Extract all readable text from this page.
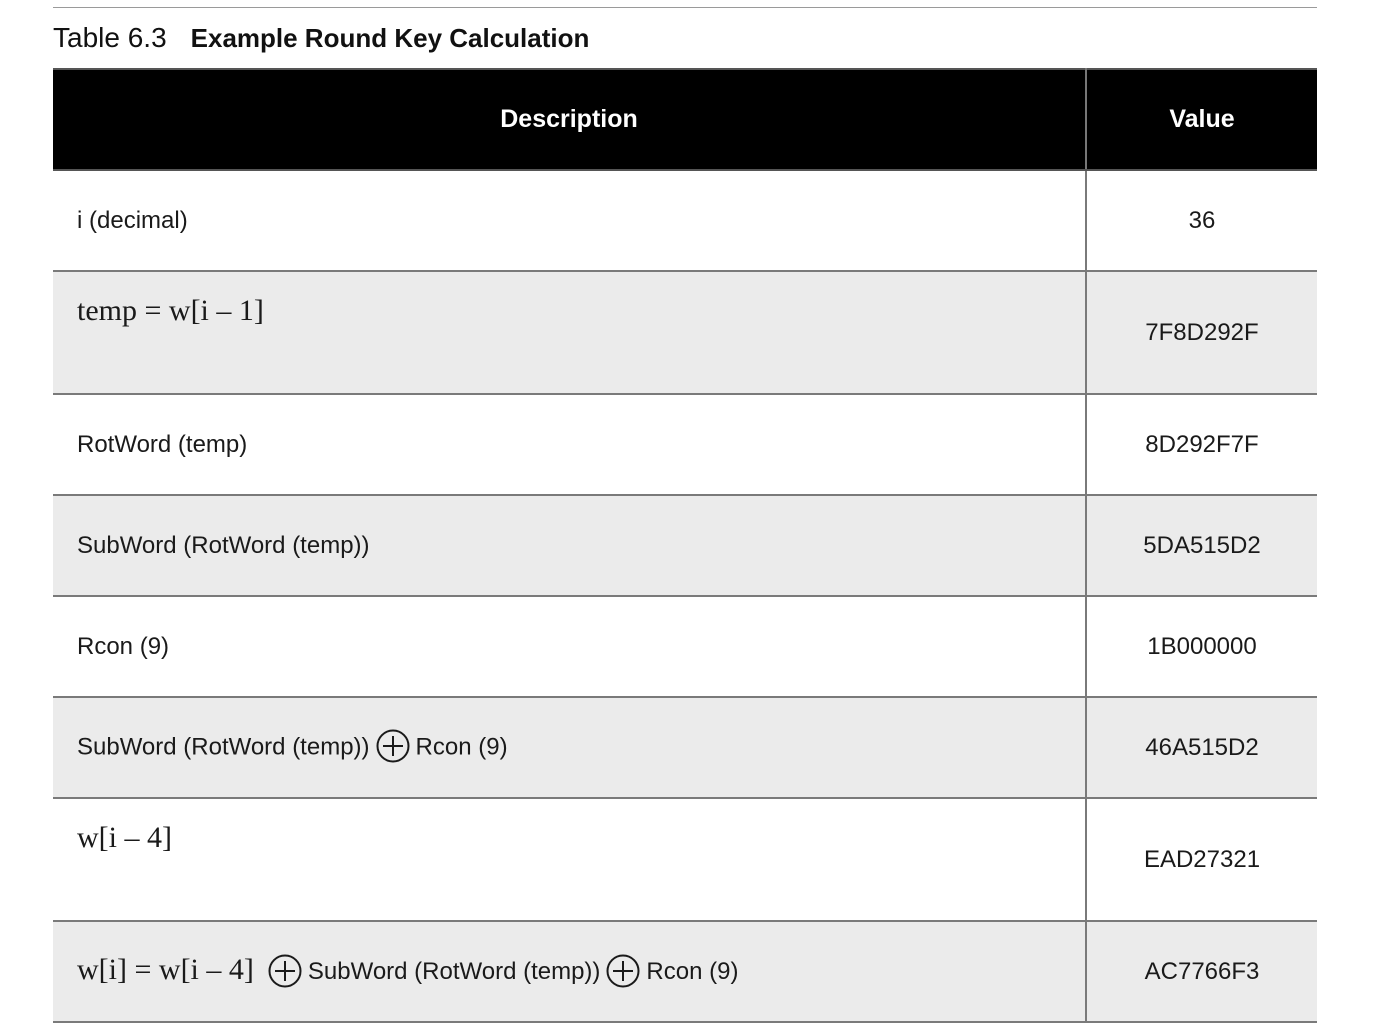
Table 6.3 Example Round Key Calculation
Description	Value
i (decimal)	36
temp = w[i – 1]	7F8D292F
RotWord (temp)	8D292F7F
SubWord (RotWord (temp))	5DA515D2
Rcon (9)	1B000000
SubWord (RotWord (temp)) Rcon (9)	46A515D2
w[i – 4]	EAD27321
w[i] = w[i – 4] SubWord (RotWord (temp)) Rcon (9)	AC7766F3
